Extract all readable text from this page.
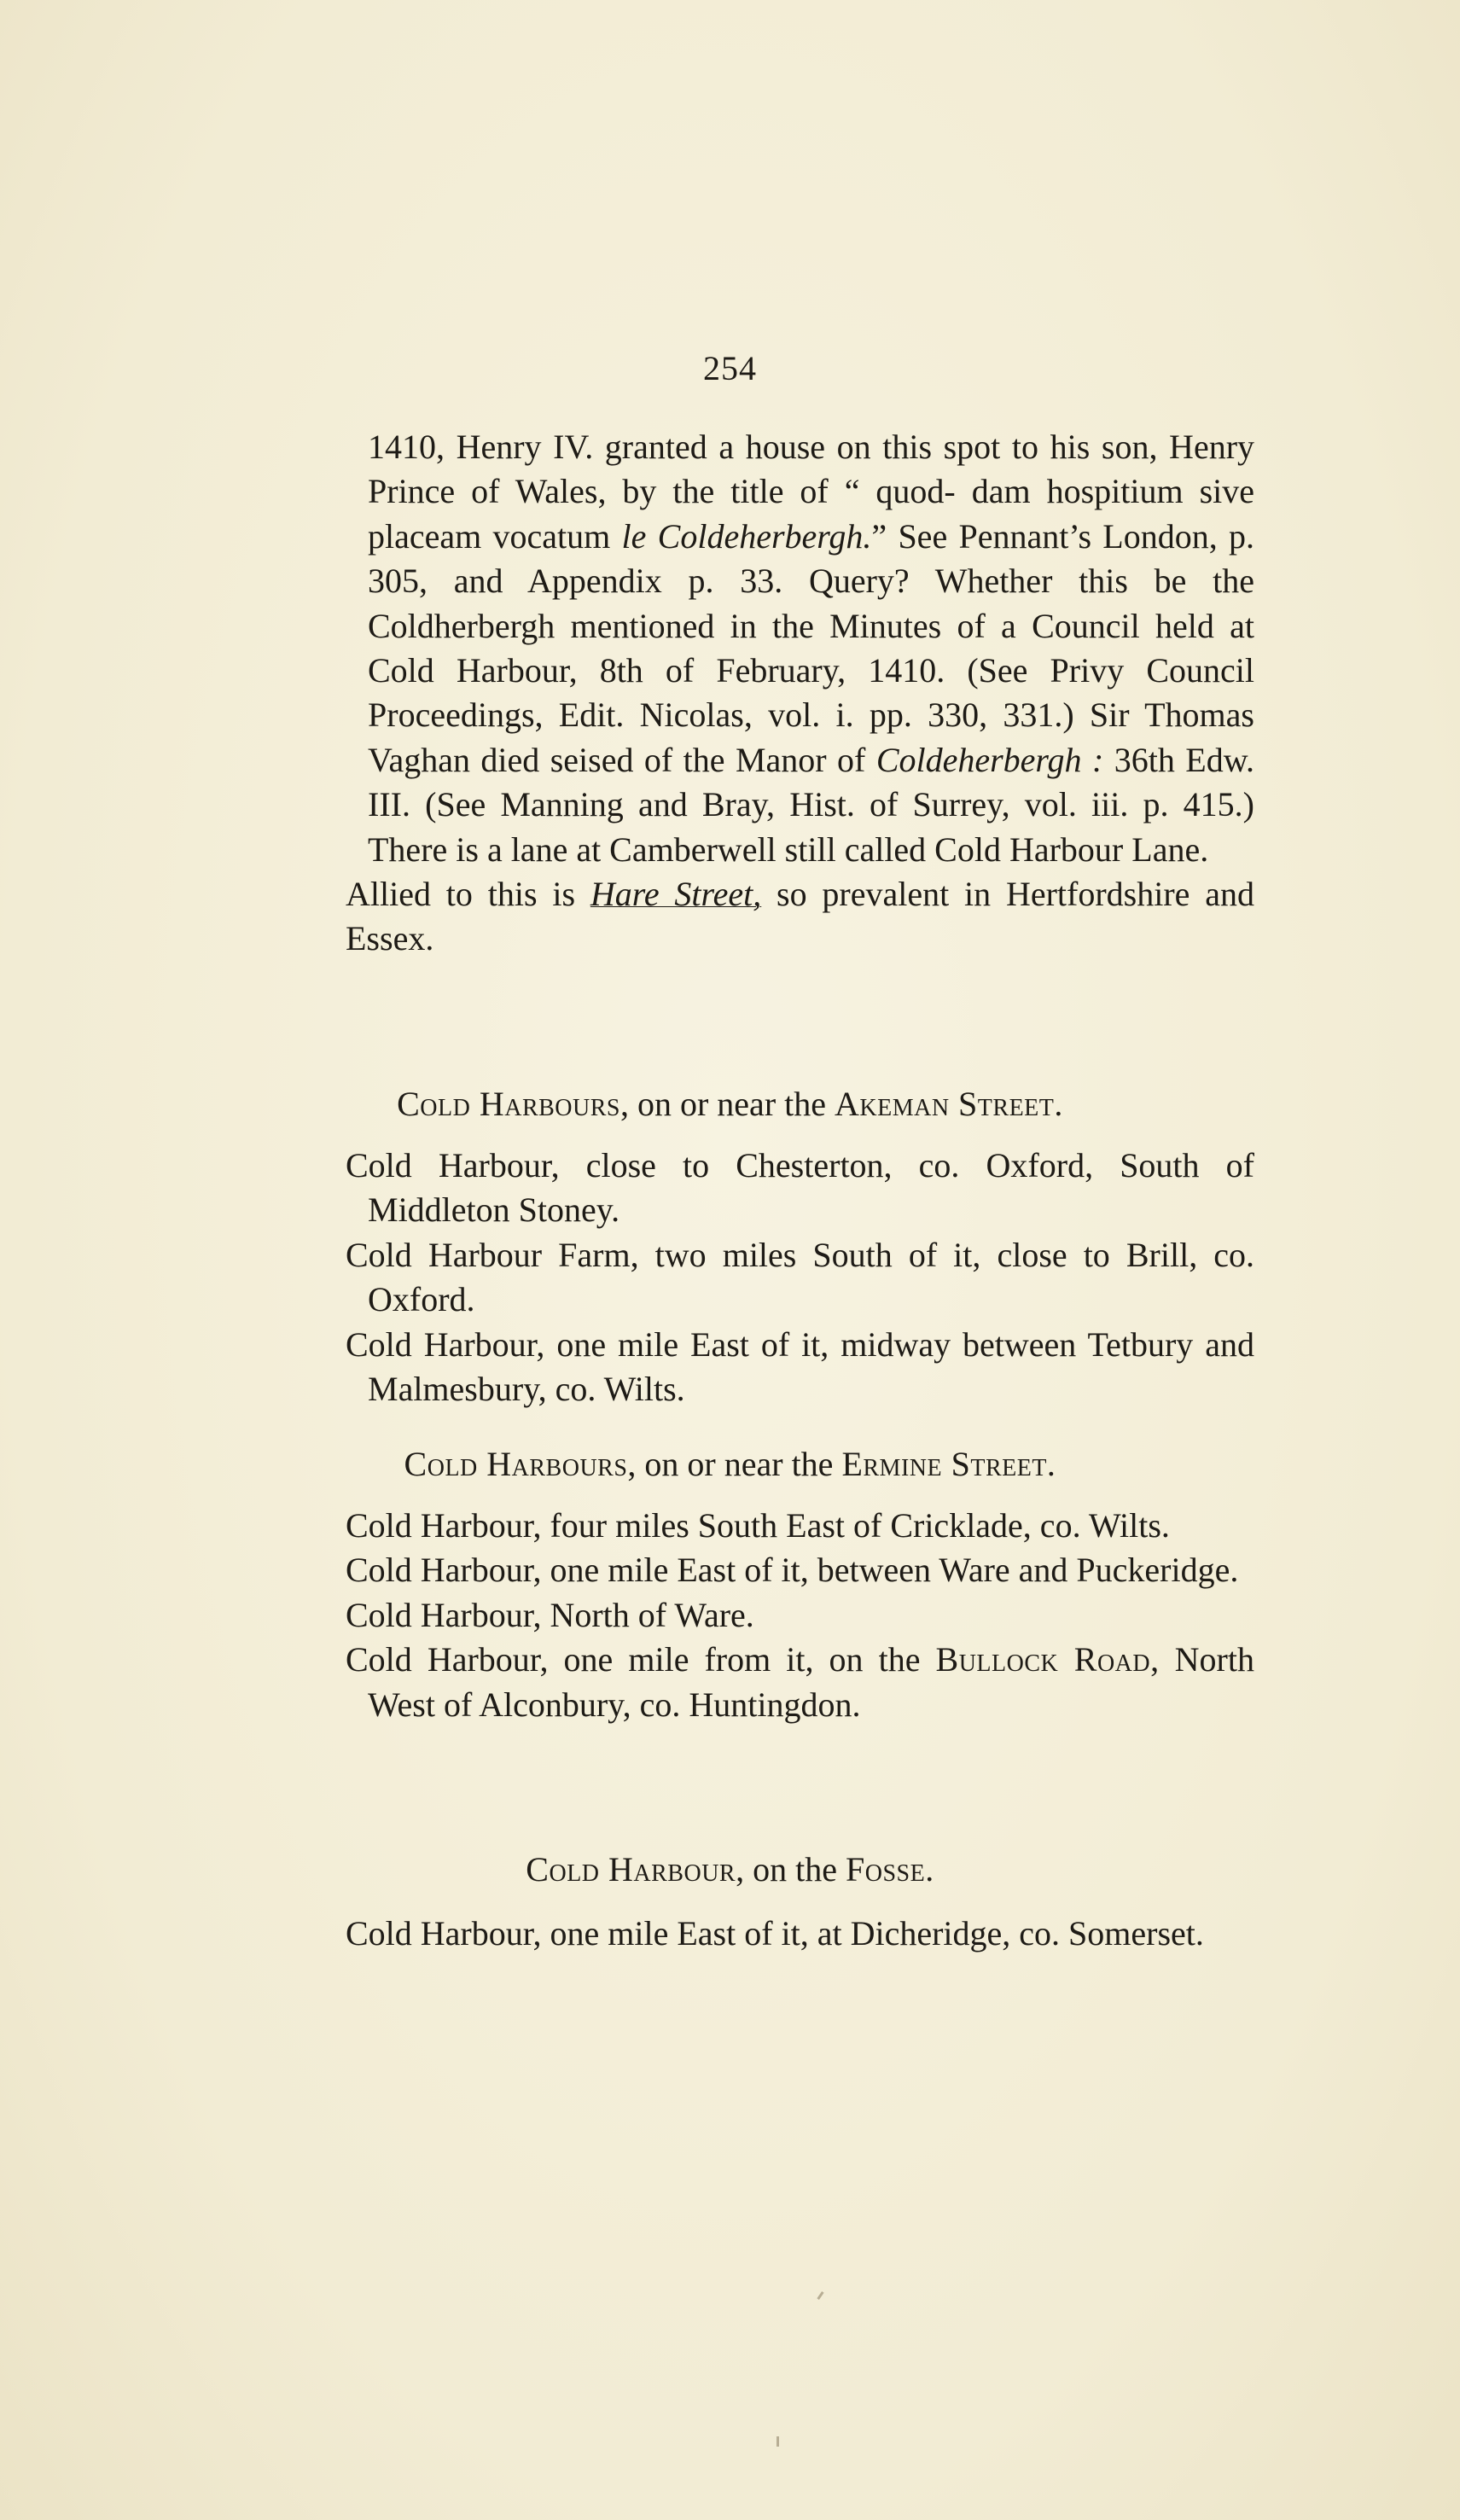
254

1410, Henry IV. granted a house on this spot to his son, Henry Prince of Wales, by the title of “ quod- dam hospitium sive placeam vocatum le Coldeherbergh.” See Pennant’s London, p. 305, and Appendix p. 33. Query? Whether this be the Coldherbergh mentioned in the Minutes of a Council held at Cold Harbour, 8th of February, 1410. (See Privy Council Proceedings, Edit. Nicolas, vol. i. pp. 330, 331.) Sir Thomas Vaghan died seised of the Manor of Coldeherbergh : 36th Edw. III. (See Manning and Bray, Hist. of Surrey, vol. iii. p. 415.) There is a lane at Camberwell still called Cold Harbour Lane.

Allied to this is Hare Street, so prevalent in Hertfordshire and Essex.

Cold Harbours, on or near the Akeman Street.

Cold Harbour, close to Chesterton, co. Oxford, South of Middleton Stoney.

Cold Harbour Farm, two miles South of it, close to Brill, co. Oxford.

Cold Harbour, one mile East of it, midway between Tetbury and Malmesbury, co. Wilts.

Cold Harbours, on or near the Ermine Street.

Cold Harbour, four miles South East of Cricklade, co. Wilts.

Cold Harbour, one mile East of it, between Ware and Puckeridge.

Cold Harbour, North of Ware.

Cold Harbour, one mile from it, on the Bullock Road, North West of Alconbury, co. Huntingdon.

Cold Harbour, on the Fosse.

Cold Harbour, one mile East of it, at Dicheridge, co. Somerset.
